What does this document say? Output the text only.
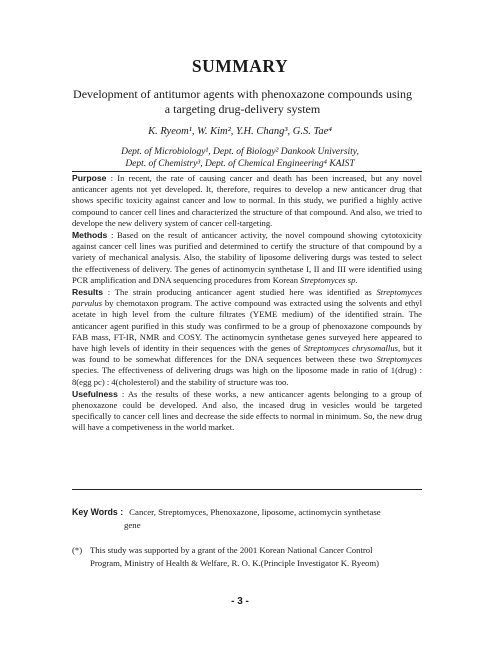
SUMMARY
Development of antitumor agents with phenoxazone compounds using a targeting drug-delivery system
K. Ryeom¹, W. Kim², Y.H. Chang³, G.S. Tae⁴
Dept. of Microbiology¹, Dept. of Biology² Dankook University,
Dept. of Chemistry³, Dept. of Chemical Engineering⁴ KAIST

Purpose : In recent, the rate of causing cancer and death has been increased, but any novel anticancer agents not yet developed. It, therefore, requires to develop a new anticancer drug that shows specific toxicity against cancer and low to normal. In this study, we purified a highly active compound to cancer cell lines and characterized the structure of that compound. And also, we tried to develope the new delivery system of cancer cell-targeting.

Methods : Based on the result of anticancer activity, the novel compound showing cytotoxicity against cancer cell lines was purified and determined to certify the structure of that compound by a variety of mechanical analysis. Also, the stability of liposome delivering durgs was tested to select the effectiveness of delivery. The genes of actinomycin synthetase I, II and III were identified using PCR amplification and DNA sequencing procedures from Korean Streptomyces sp.

Results : The strain producing anticancer agent studied here was identified as Streptomyces parvulus by chemotaxon program. The active compound was extracted using the solvents and ethyl acetate in high level from the culture filtrates (YEME medium) of the identified strain. The anticancer agent purified in this study was confirmed to be a group of phenoxazone compounds by FAB mass, FT-IR, NMR and COSY. The actinomycin synthetase genes surveyed here appeared to have high levels of identity in their sequences with the genes of Streptomyces chrysomallus, but it was found to be somewhat differences for the DNA sequences between these two Streptomyces species. The effectiveness of delivering drugs was high on the liposome made in ratio of 1(drug) : 8(egg pc) : 4(cholesterol) and the stability of structure was too.

Usefulness : As the results of these works, a new anticancer agents belonging to a group of phenoxazone could be developed. And also, the incased drug in vesicles would be targeted specifically to cancer cell lines and decrease the side effects to normal in minimum. So, the new drug will have a competiveness in the world market.

Key Words : Cancer, Streptomyces, Phenoxazone, liposome, actinomycin synthetase
gene
(*) This study was supported by a grant of the 2001 Korean National Cancer Control
Program, Ministry of Health & Welfare, R. O. K.(Principle Investigator K. Ryeom)
- 3 -
